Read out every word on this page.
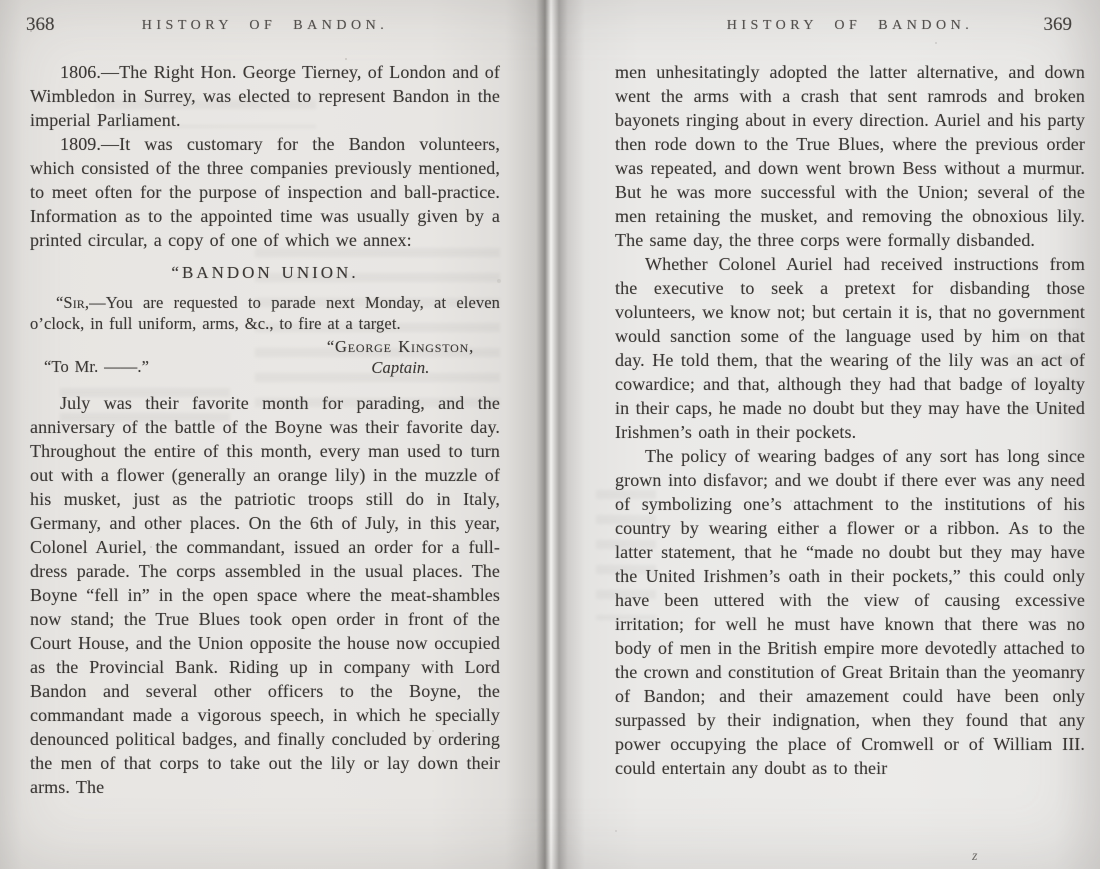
368	HISTORY OF BANDON.

1806.—The Right Hon. George Tierney, of London and of Wimbledon in Surrey, was elected to represent Bandon in the imperial Parliament.

1809.—It was customary for the Bandon volunteers, which consisted of the three companies previously mentioned, to meet often for the purpose of inspection and ball-practice. Information as to the appointed time was usually given by a printed circular, a copy of one of which we annex:

“BANDON UNION.

“Sir,—You are requested to parade next Monday, at eleven o’clock, in full uniform, arms, &c., to fire at a target.

“To Mr. ——.”
“George Kingston,
Captain.

July was their favorite month for parading, and the anniversary of the battle of the Boyne was their favorite day. Throughout the entire of this month, every man used to turn out with a flower (generally an orange lily) in the muzzle of his musket, just as the patriotic troops still do in Italy, Germany, and other places. On the 6th of July, in this year, Colonel Auriel, the commandant, issued an order for a full-dress parade. The corps assembled in the usual places. The Boyne “fell in” in the open space where the meat-shambles now stand; the True Blues took open order in front of the Court House, and the Union opposite the house now occupied as the Provincial Bank. Riding up in company with Lord Bandon and several other officers to the Boyne, the commandant made a vigorous speech, in which he specially denounced political badges, and finally concluded by ordering the men of that corps to take out the lily or lay down their arms. The

HISTORY OF BANDON.	369

men unhesitatingly adopted the latter alternative, and down went the arms with a crash that sent ramrods and broken bayonets ringing about in every direction. Auriel and his party then rode down to the True Blues, where the previous order was repeated, and down went brown Bess without a murmur. But he was more successful with the Union; several of the men retaining the musket, and removing the obnoxious lily. The same day, the three corps were formally disbanded.

Whether Colonel Auriel had received instructions from the executive to seek a pretext for disbanding those volunteers, we know not; but certain it is, that no government would sanction some of the language used by him on that day. He told them, that the wearing of the lily was an act of cowardice; and that, although they had that badge of loyalty in their caps, he made no doubt but they may have the United Irishmen’s oath in their pockets.

The policy of wearing badges of any sort has long since grown into disfavor; and we doubt if there ever was any need of symbolizing one’s attachment to the institutions of his country by wearing either a flower or a ribbon. As to the latter statement, that he “made no doubt but they may have the United Irishmen’s oath in their pockets,” this could only have been uttered with the view of causing excessive irritation; for well he must have known that there was no body of men in the British empire more devotedly attached to the crown and constitution of Great Britain than the yeomanry of Bandon; and their amazement could have been only surpassed by their indignation, when they found that any power occupying the place of Cromwell or of William III. could entertain any doubt as to their

z
